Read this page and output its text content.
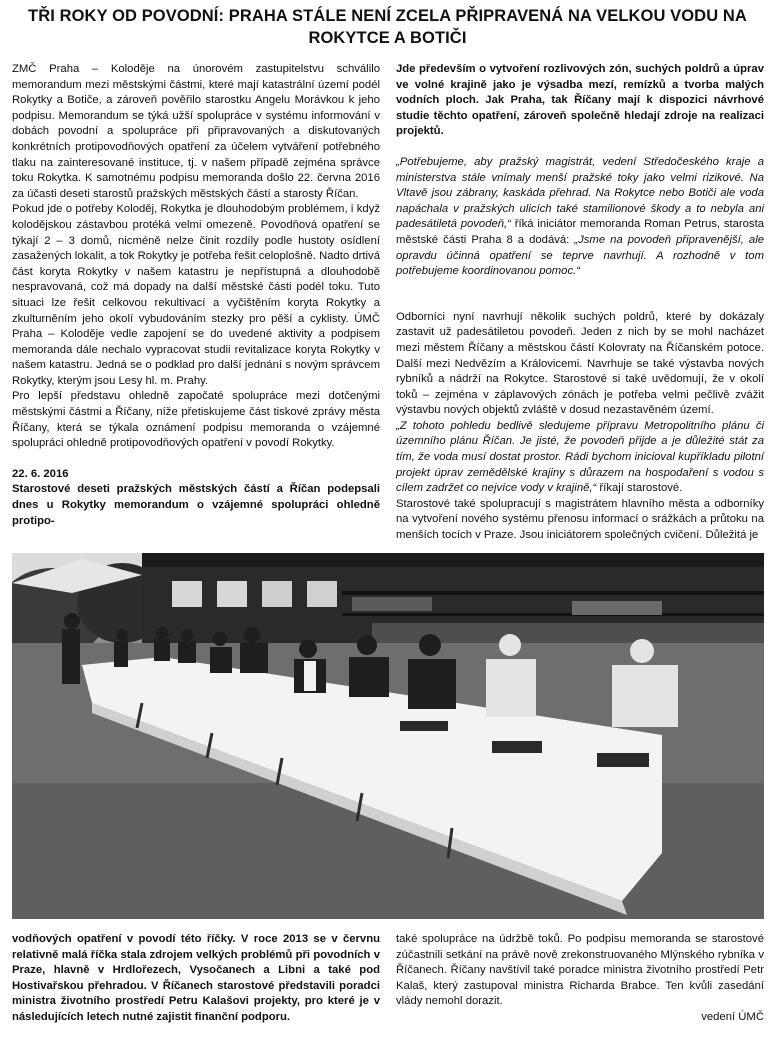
TŘI ROKY OD POVODNÍ: PRAHA STÁLE NENÍ ZCELA PŘIPRAVENÁ NA VELKOU VODU NA ROKYTCE A BOTIČI

ZMČ Praha – Koloděje na únorovém zastupitelstvu schválilo memorandum mezi městskými částmi, které mají katastrální území podél Rokytky a Botiče, a zároveň pověřilo starostku Angelu Morávkou k jeho podpisu. Memorandum se týká užší spolupráce v systému informování v dobách povodní a spolupráce při připravovaných a diskutovaných konkrétních protipovodňových opatření za účelem vytváření potřebného tlaku na zainteresované instituce, tj. v našem případě zejména správce toku Rokytka. K samotnému podpisu memoranda došlo 22. června 2016 za účasti deseti starostů pražských městských částí a starosty Říčan.

Pokud jde o potřeby Koloděj, Rokytka je dlouhodobým problémem, i když kolodějskou zástavbou protéká velmi omezeně. Povodňová opatření se týkají 2 – 3 domů, nicméně nelze činit rozdíly podle hustoty osídlení zasažených lokalit, a tok Rokytky je potřeba řešit celoplošně. Nadto drtivá část koryta Rokytky v našem katastru je nepřístupná a dlouhodobě nespravovaná, což má dopady na další městské části podél toku. Tuto situaci lze řešit celkovou rekultivací a vyčištěním koryta Rokytky a zkulturněním jeho okolí vybudováním stezky pro pěší a cyklisty. ÚMČ Praha – Koloděje vedle zapojení se do uvedené aktivity a podpisem memoranda dále nechalo vypracovat studii revitalizace koryta Rokytky v našem katastru. Jedná se o podklad pro další jednání s novým správcem Rokytky, kterým jsou Lesy hl. m. Prahy.

Pro lepší představu ohledně započaté spolupráce mezi dotčenými městskými částmi a Říčany, níže přetiskujeme část tiskové zprávy města Říčany, která se týkala oznámení podpisu memoranda o vzájemné spolupráci ohledně protipovodňových opatření v povodí Rokytky.

22. 6. 2016

Starostové deseti pražských městských částí a Říčan podepsali dnes u Rokytky memorandum o vzájemné spolupráci ohledně protipo-

Jde především o vytvoření rozlivových zón, suchých poldrů a úprav ve volné krajině jako je výsadba mezí, remízků a tvorba malých vodních ploch. Jak Praha, tak Říčany mají k dispozici návrhové studie těchto opatření, zároveň společně hledají zdroje na realizaci projektů.

„Potřebujeme, aby pražský magistrát, vedení Středočeského kraje a ministerstva stále vnímaly menší pražské toky jako velmi rizikové. Na Vltavě jsou zábrany, kaskáda přehrad. Na Rokytce nebo Botiči ale voda napáchala v pražských ulicích také stamilionové škody a to nebyla ani padesátiletá povodeň,“ říká iniciátor memoranda Roman Petrus, starosta městské části Praha 8 a dodává: „Jsme na povodeň připravenější, ale opravdu účinná opatření se teprve navrhují. A rozhodně v tom potřebujeme koordinovanou pomoc.“

Odborníci nyní navrhují několik suchých poldrů, které by dokázaly zastavit už padesátiletou povodeň. Jeden z nich by se mohl nacházet mezi městem Říčany a městskou částí Kolovraty na Říčanském potoce. Další mezi Nedvězím a Královicemi. Navrhuje se také výstavba nových rybníků a nádrží na Rokytce. Starostové si také uvědomují, že v okolí toků – zejména v záplavových zónách je potřeba velmi pečlivě zvážit výstavbu nových objektů zvláště v dosud nezastavěném území.

„Z tohoto pohledu bedlivě sledujeme přípravu Metropolitního plánu či územního plánu Říčan. Je jisté, že povodeň přijde a je důležité stát za tím, že voda musí dostat prostor. Rádi bychom inicioval kupříkladu pilotní projekt úprav zemědělské krajiny s důrazem na hospodaření s vodou s cílem zadržet co nejvíce vody v krajině,“ říkají starostové.

Starostové také spolupracují s magistrátem hlavního města a odborníky na vytvoření nového systému přenosu informací o srážkách a průtoku na menších tocích v Praze. Jsou iniciátorem společných cvičení. Důležitá je

vodňových opatření v povodí této říčky. V roce 2013 se v červnu relativně malá říčka stala zdrojem velkých problémů při povodních v Praze, hlavně v Hrdlořezech, Vysočanech a Libni a také pod Hostivařskou přehradou. V Říčanech starostové představili poradci ministra životního prostředí Petru Kalašovi projekty, pro které je v následujících letech nutné zajistit finanční podporu.

také spolupráce na údržbě toků. Po podpisu memoranda se starostové zúčastnili setkání na právě nově zrekonstruovaného Mlýnského rybníka v Říčanech. Říčany navštívil také poradce ministra životního prostředí Petr Kalaš, který zastupoval ministra Richarda Brabce. Ten kvůli zasedání vlády nemohl dorazit.

vedení ÚMČ
